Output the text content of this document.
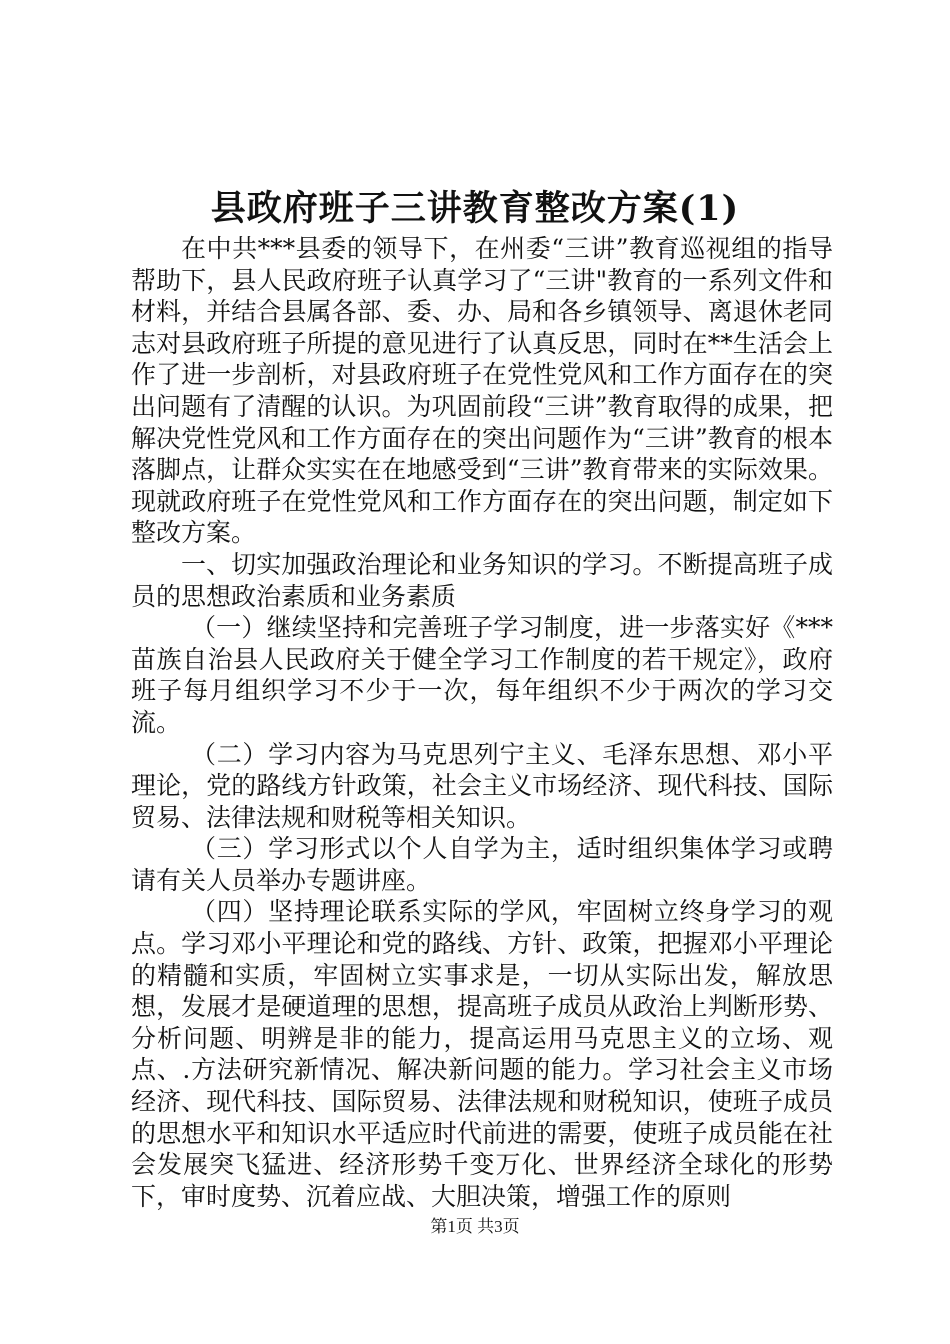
县政府班子三讲教育整改方案(1)

在中共***县委的领导下，在州委“三讲”教育巡视组的指导帮助下，县人民政府班子认真学习了“三讲"教育的一系列文件和材料，并结合县属各部、委、办、局和各乡镇领导、离退休老同志对县政府班子所提的意见进行了认真反思，同时在**生活会上作了进一步剖析，对县政府班子在党性党风和工作方面存在的突出问题有了清醒的认识。为巩固前段“三讲”教育取得的成果，把解决党性党风和工作方面存在的突出问题作为“三讲”教育的根本落脚点，让群众实实在在地感受到“三讲”教育带来的实际效果。现就政府班子在党性党风和工作方面存在的突出问题，制定如下整改方案。

一、切实加强政治理论和业务知识的学习。不断提高班子成员的思想政治素质和业务素质

（一）继续坚持和完善班子学习制度，进一步落实好《***苗族自治县人民政府关于健全学习工作制度的若干规定》，政府班子每月组织学习不少于一次，每年组织不少于两次的学习交流。

（二）学习内容为马克思列宁主义、毛泽东思想、邓小平理论，党的路线方针政策，社会主义市场经济、现代科技、国际贸易、法律法规和财税等相关知识。

（三）学习形式以个人自学为主，适时组织集体学习或聘请有关人员举办专题讲座。

（四）坚持理论联系实际的学风，牢固树立终身学习的观点。学习邓小平理论和党的路线、方针、政策，把握邓小平理论的精髓和实质，牢固树立实事求是，一切从实际出发，解放思想，发展才是硬道理的思想，提高班子成员从政治上判断形势、分析问题、明辨是非的能力，提高运用马克思主义的立场、观点、.方法研究新情况、解决新问题的能力。学习社会主义市场经济、现代科技、国际贸易、法律法规和财税知识，使班子成员的思想水平和知识水平适应时代前进的需要，使班子成员能在社会发展突飞猛进、经济形势千变万化、世界经济全球化的形势下，审时度势、沉着应战、大胆决策，增强工作的原则

第1页 共3页
